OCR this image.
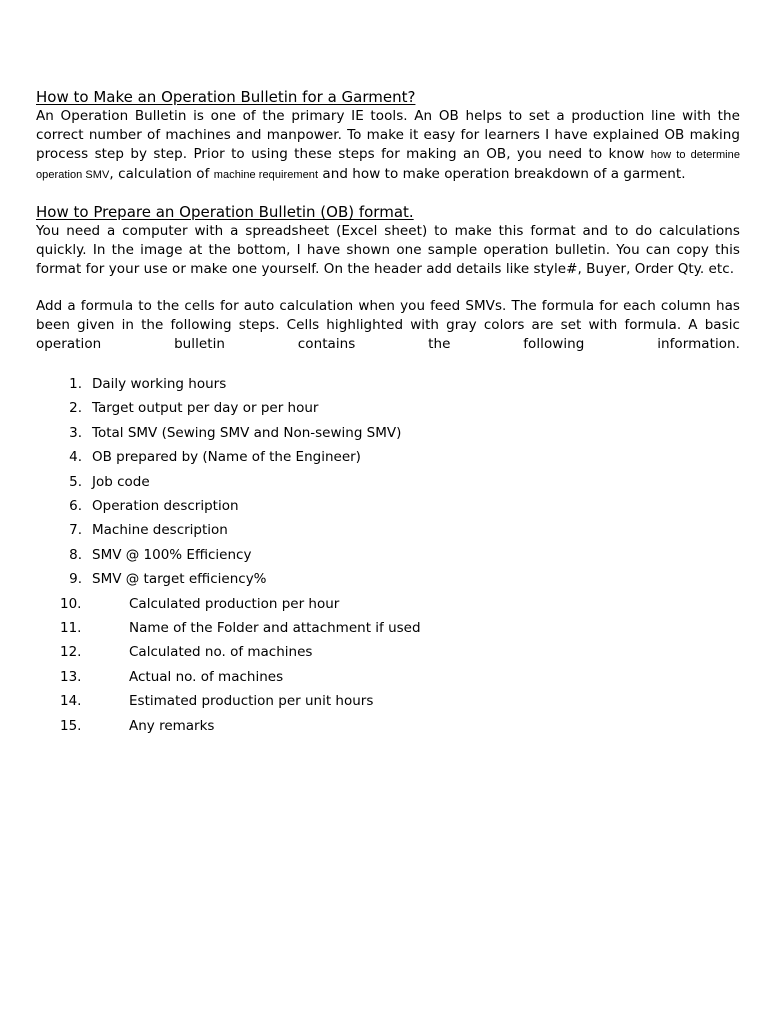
How to Make an Operation Bulletin for a Garment?

An Operation Bulletin is one of the primary IE tools. An OB helps to set a production line with the correct number of machines and manpower. To make it easy for learners I have explained OB making process step by step. Prior to using these steps for making an OB, you need to know how to determine operation SMV, calculation of machine requirement and how to make operation breakdown of a garment.

How to Prepare an Operation Bulletin (OB) format.

You need a computer with a spreadsheet (Excel sheet) to make this format and to do calculations quickly. In the image at the bottom, I have shown one sample operation bulletin. You can copy this format for your use or make one yourself. On the header add details like style#, Buyer, Order Qty. etc.

Add a formula to the cells for auto calculation when you feed SMVs. The formula for each column has been given in the following steps. Cells highlighted with gray colors are set with formula. A basic operation bulletin contains the following information.

1. Daily working hours
2. Target output per day or per hour
3. Total SMV (Sewing SMV and Non-sewing SMV)
4. OB prepared by (Name of the Engineer)
5. Job code
6. Operation description
7. Machine description
8. SMV @ 100% Efficiency
9. SMV @ target efficiency%
10.	Calculated production per hour
11.	Name of the Folder and attachment if used
12.	Calculated no. of machines
13.	Actual no. of machines
14.	Estimated production per unit hours
15.	Any remarks
